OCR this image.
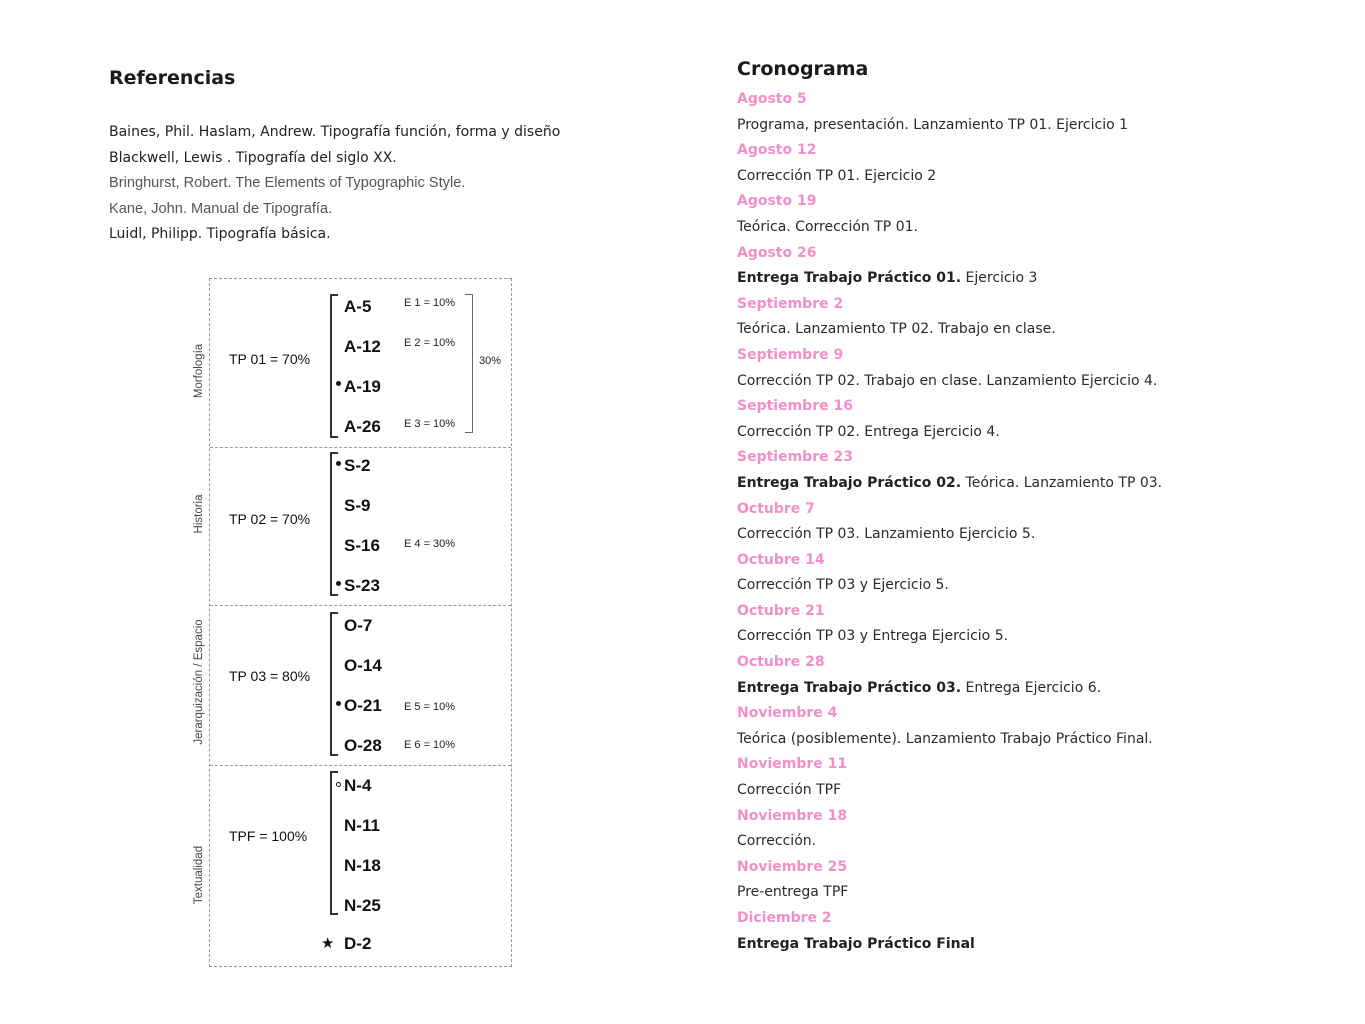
Referencias
Baines, Phil. Haslam, Andrew. Tipografía función, forma y diseño
Blackwell, Lewis . Tipografía del siglo XX.
Bringhurst, Robert. The Elements of Typographic Style.
Kane, John. Manual de Tipografía.
Luidl, Philipp. Tipografía básica.
Cronograma
Agosto 5
Programa, presentación. Lanzamiento TP 01. Ejercicio 1
Agosto 12
Corrección TP 01. Ejercicio 2
Agosto 19
Teórica. Corrección TP 01.
Agosto 26
Entrega Trabajo Práctico 01. Ejercicio 3
Septiembre 2
Teórica. Lanzamiento TP 02. Trabajo en clase.
Septiembre 9
Corrección TP 02. Trabajo en clase. Lanzamiento Ejercicio 4.
Septiembre 16
Corrección TP 02. Entrega Ejercicio 4.
Septiembre 23
Entrega Trabajo Práctico 02. Teórica. Lanzamiento TP 03.
Octubre 7
Corrección TP 03. Lanzamiento Ejercicio 5.
Octubre 14
Corrección TP 03 y Ejercicio 5.
Octubre 21
Corrección TP 03 y Entrega Ejercicio 5.
Octubre 28
Entrega Trabajo Práctico 03. Entrega Ejercicio 6.
Noviembre 4
Teórica (posiblemente). Lanzamiento Trabajo Práctico Final.
Noviembre 11
Corrección TPF
Noviembre 18
Corrección.
Noviembre 25
Pre-entrega TPF
Diciembre 2
Entrega Trabajo Práctico Final
Morfología TP 01 = 70%
A-5
A-12
A-19
A-26
E 1 = 10%
E 2 = 10%
E 3 = 10%
30%
Historia TP 02 = 70%
S-2
S-9
S-16
S-23
E 4 = 30%
Jerarquización / Espacio TP 03 = 80%
O-7
O-14
O-21
O-28
E 5 = 10%
E 6 = 10%
Textualidad
TPF = 100%
N-4
N-11
N-18
N-25
★ D-2
